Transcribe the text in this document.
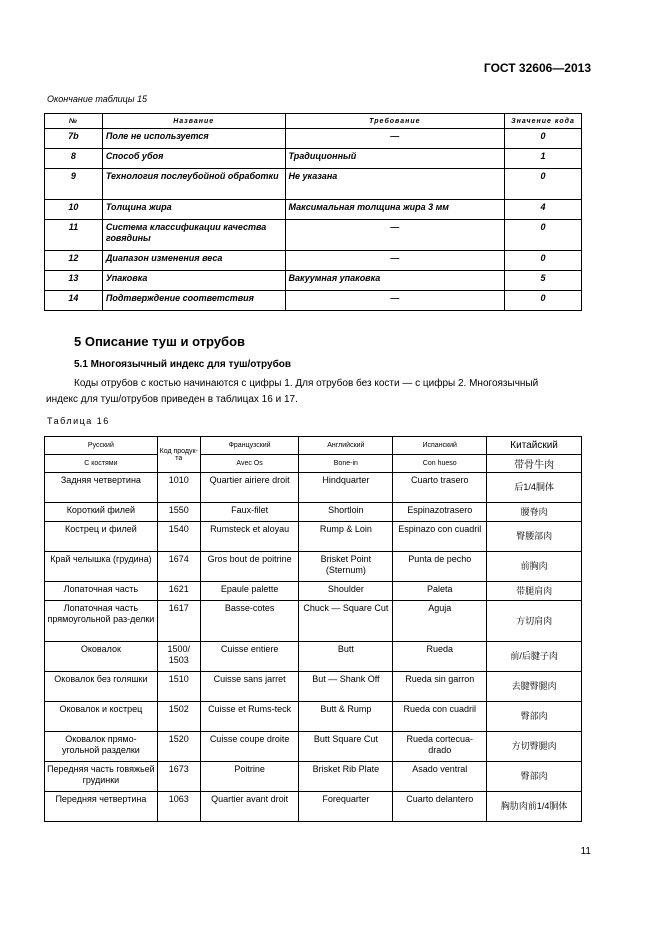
ГОСТ 32606—2013
Окончание таблицы 15
№	Название	Требование	Значение кода
7b	Поле не используется	—	0
8	Способ убоя	Традиционный	1
9	Технология послеубойной обработки	Не указана	0
10	Толщина жира	Максимальная толщина жира 3 мм	4
11	Система классификации качества говядины	—	0
12	Диапазон изменения веса	—	0
13	Упаковка	Вакуумная упаковка	5
14	Подтверждение соответствия	—	0
5 Описание туш и отрубов
5.1 Многоязычный индекс для туш/отрубов

Коды отрубов с костью начинаются с цифры 1. Для отрубов без кости — с цифры 2. Многоязычный
индекс для туш/отрубов приведен в таблицах 16 и 17.

Таблица 16
Русский	Код продук-та	Французский	Английский	Испанский	Китайский
С костями		Avec Os	Bone-in	Con hueso	带骨牛肉
Задняя четвертина	1010	Quartier airiere droit	Hindquarter	Cuarto trasero	后1/4胴体
Короткий филей	1550	Faux-filet	Shortloin	Espinazotrasero	腰脊肉
Кострец и филей	1540	Rumsteck et aloyau	Rump & Loin	Espinazo con cuadril	臀腰部肉
Край челышка (грудина)	1674	Gros bout de poitrine	Brisket Point (Sternum)	Punta de pecho	前胸肉
Лопаточная часть	1621	Epaule palette	Shoulder	Paleta	带腿肩肉
Лопаточная часть прямоугольной раз-делки	1617	Basse-cotes	Chuck — Square Cut	Aguja	方切肩肉
Оковалок	1500/ 1503	Cuisse entiere	Butt	Rueda	前/后腱子肉
Оковалок без голяшки	1510	Cuisse sans jarret	But — Shank Off	Rueda sin garron	去腱臀腿肉
Оковалок и кострец	1502	Cuisse et Rums-teck	Butt & Rump	Rueda con cuadril	臀部肉
Оковалок прямо-угольной разделки	1520	Cuisse coupe droite	Butt Square Cut	Rueda cortecua-drado	方切臀腿肉
Передняя часть говяжьей грудинки	1673	Poitrine	Brisket Rib Plate	Asado ventral	臀部肉
Передняя четвертина	1063	Quartier avant droit	Forequarter	Cuarto delantero	胸肋肉前1/4胴体
11
